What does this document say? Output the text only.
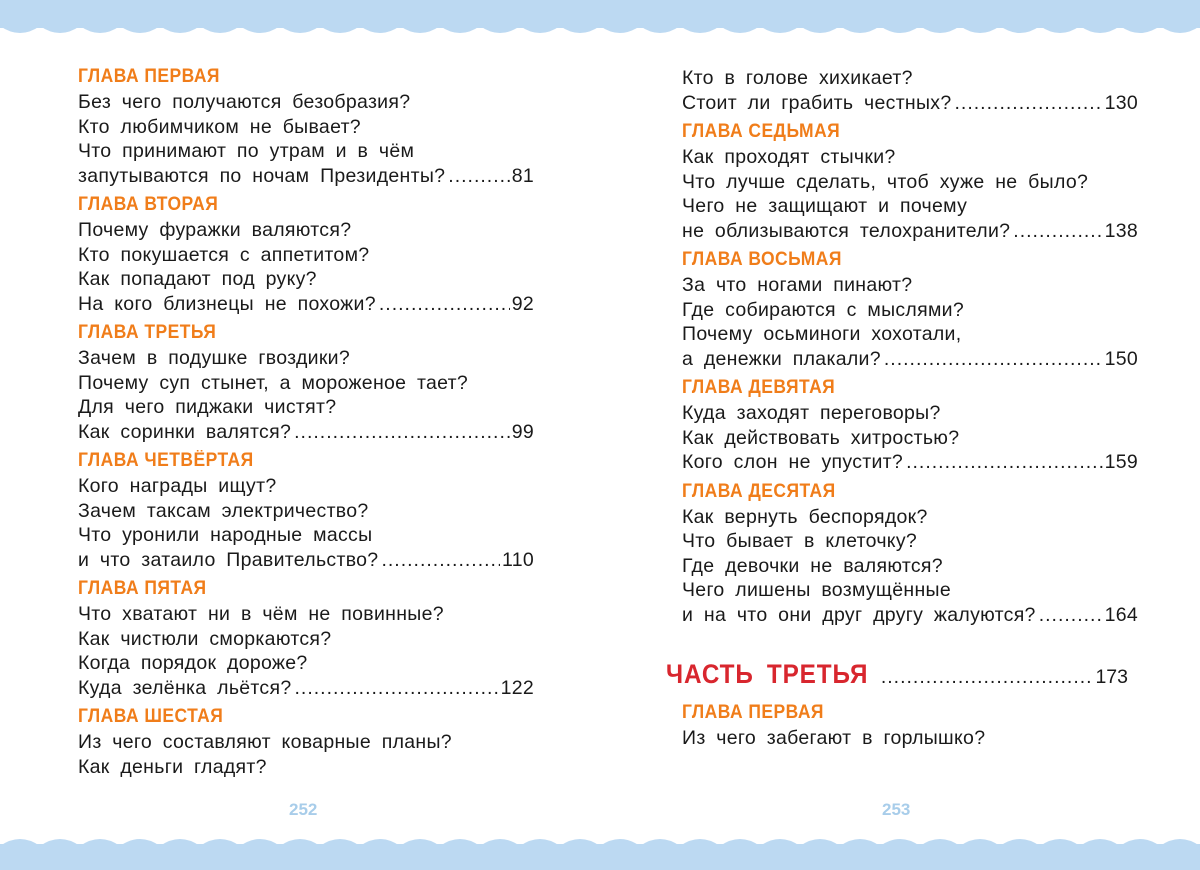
ГЛАВА ПЕРВАЯ
Без чего получаются безобразия?
Кто любимчиком не бывает?
Что принимают по утрам и в чём
запутываются по ночам Президенты? .....	81
ГЛАВА ВТОРАЯ
Почему фуражки валяются?
Кто покушается с аппетитом?
Как попадают под руку?
На кого близнецы не похожи? .....	92
ГЛАВА ТРЕТЬЯ
Зачем в подушке гвоздики?
Почему суп стынет, а мороженое тает?
Для чего пиджаки чистят?
Как соринки валятся? .....	99
ГЛАВА ЧЕТВЁРТАЯ
Кого награды ищут?
Зачем таксам электричество?
Что уронили народные массы
и что затаило Правительство? .....	110
ГЛАВА ПЯТАЯ
Что хватают ни в чём не повинные?
Как чистюли сморкаются?
Когда порядок дороже?
Куда зелёнка льётся? .....	122
ГЛАВА ШЕСТАЯ
Из чего составляют коварные планы?
Как деньги гладят?
Кто в голове хихикает?
Стоит ли грабить честных? .....	130
ГЛАВА СЕДЬМАЯ
Как проходят стычки?
Что лучше сделать, чтоб хуже не было?
Чего не защищают и почему
не облизываются телохранители? .....	138
ГЛАВА ВОСЬМАЯ
За что ногами пинают?
Где собираются с мыслями?
Почему осьминоги хохотали,
а денежки плакали? .....	150
ГЛАВА ДЕВЯТАЯ
Куда заходят переговоры?
Как действовать хитростью?
Кого слон не упустит? .....	159
ГЛАВА ДЕСЯТАЯ
Как вернуть беспорядок?
Что бывает в клеточку?
Где девочки не валяются?
Чего лишены возмущённые
и на что они друг другу жалуются? .....	164
ЧАСТЬ ТРЕТЬЯ .....	173
ГЛАВА ПЕРВАЯ
Из чего забегают в горлышко?
252	253
